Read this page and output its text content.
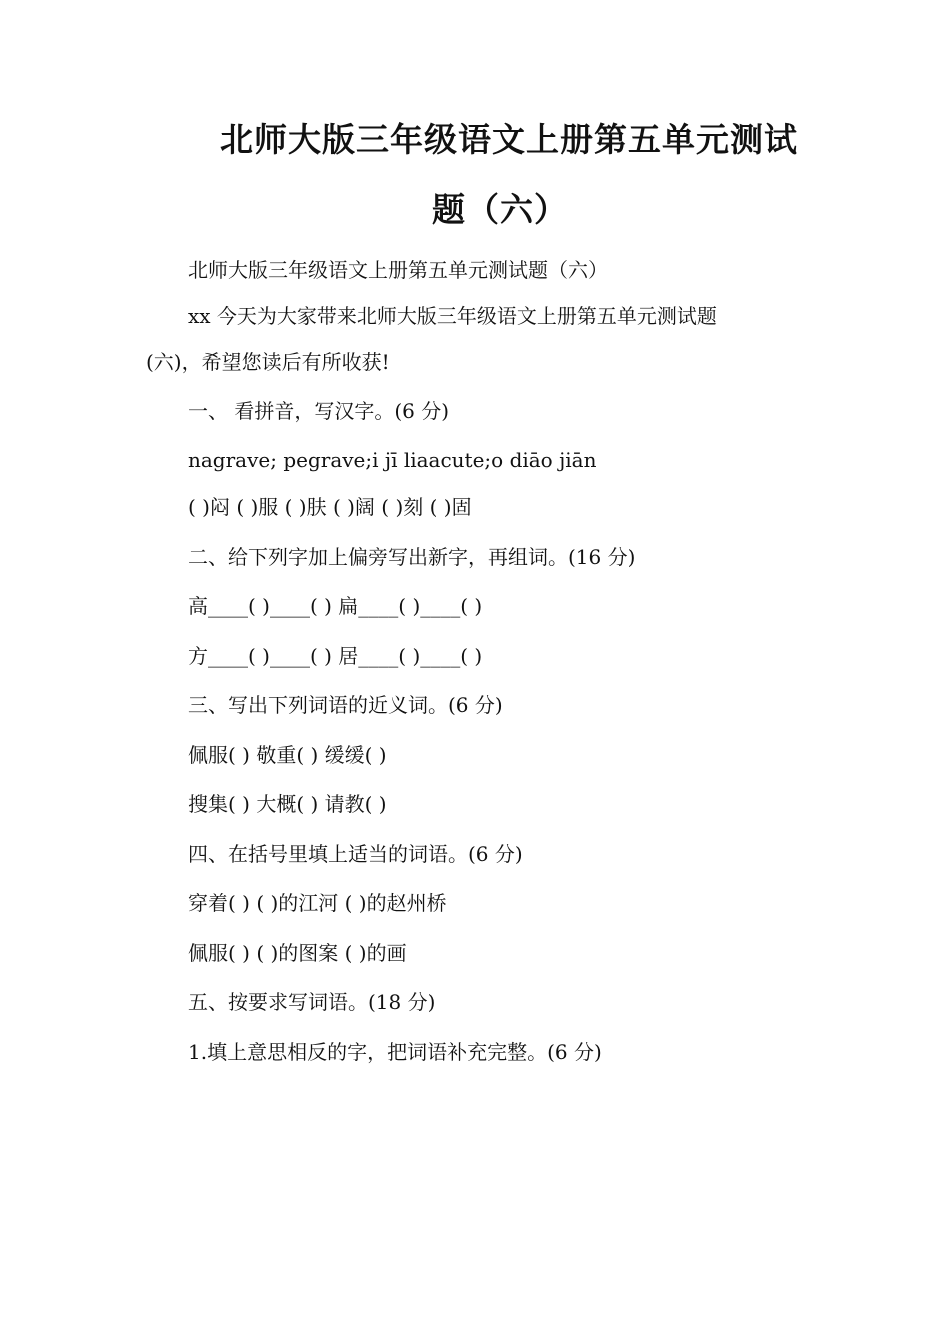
北师大版三年级语文上册第五单元测试
题（六）
北师大版三年级语文上册第五单元测试题（六）
xx 今天为大家带来北师大版三年级语文上册第五单元测试题
(六)，希望您读后有所收获!
一、 看拼音，写汉字。(6 分)
nagrave; pegrave;i jī liaacute;o diāo jiān
( )闷 ( )服 ( )肤 ( )阔 ( )刻 ( )固
二、给下列字加上偏旁写出新字，再组词。(16 分)
高____( )____( ) 扁____( )____( )
方____( )____( ) 居____( )____( )
三、写出下列词语的近义词。(6 分)
佩服( ) 敬重( ) 缓缓( )
搜集( ) 大概( ) 请教( )
四、在括号里填上适当的词语。(6 分)
穿着( ) ( )的江河 ( )的赵州桥
佩服( ) ( )的图案 ( )的画
五、按要求写词语。(18 分)
1.填上意思相反的字，把词语补充完整。(6 分)
